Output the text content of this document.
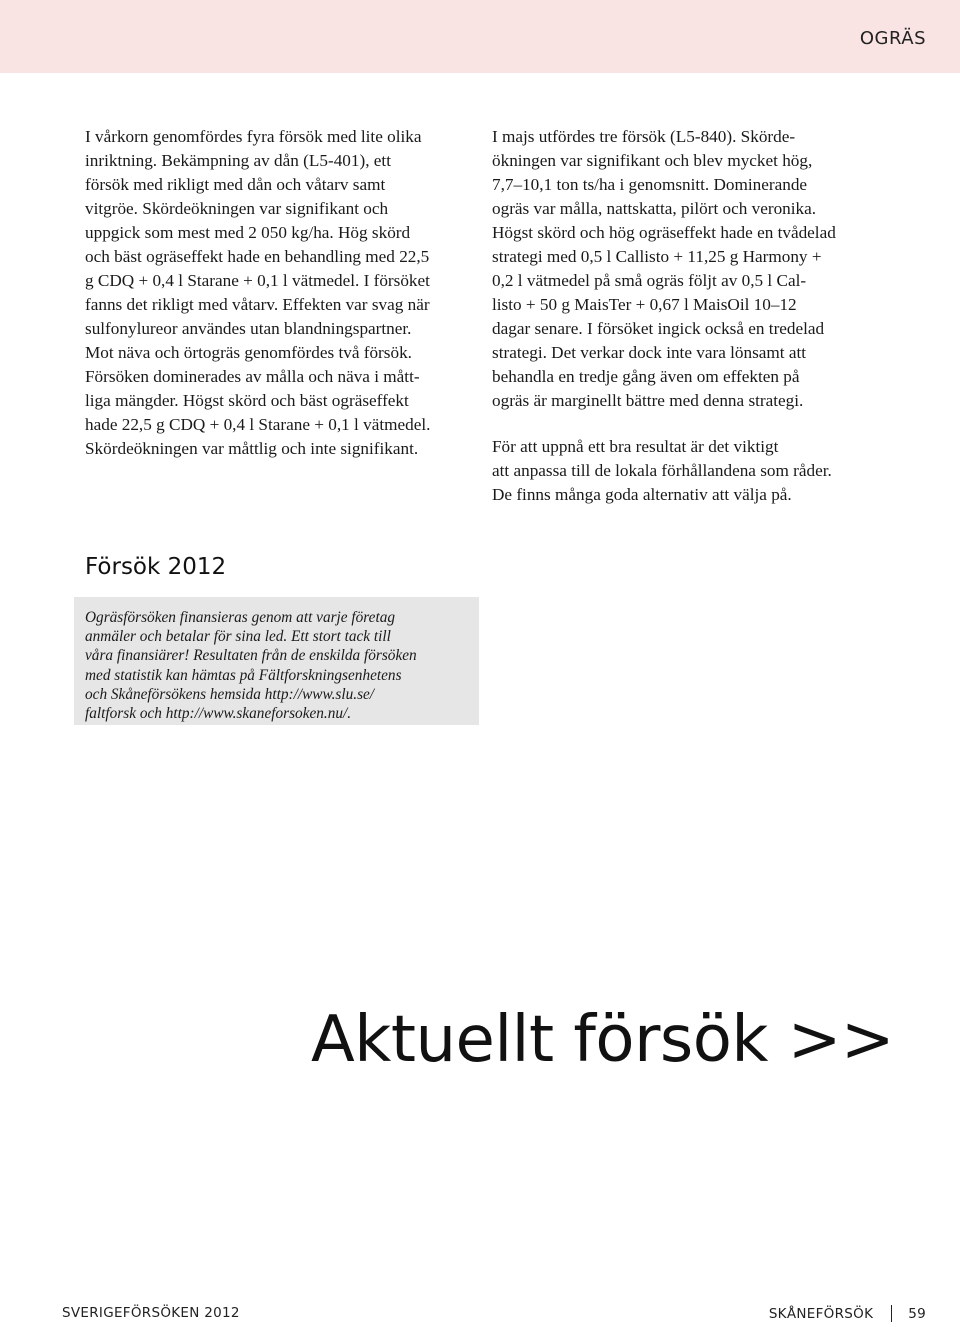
OGRÄS
I vårkorn genomfördes fyra försök med lite olika
inriktning. Bekämpning av dån (L5-401), ett
försök med rikligt med dån och våtarv samt
vitgröe. Skördeökningen var signifikant och
uppgick som mest med 2 050 kg/ha. Hög skörd
och bäst ogräseffekt hade en behandling med 22,5
g CDQ + 0,4 l Starane + 0,1 l vätmedel. I försöket
fanns det rikligt med våtarv. Effekten var svag när
sulfonylureor användes utan blandningspartner.
Mot näva och örtogräs genomfördes två försök.
Försöken dominerades av målla och näva i mått-
liga mängder. Högst skörd och bäst ogräseffekt
hade 22,5 g CDQ + 0,4 l Starane + 0,1 l vätmedel.
Skördeökningen var måttlig och inte signifikant.
I majs utfördes tre försök (L5-840). Skörde-
ökningen var signifikant och blev mycket hög,
7,7–10,1 ton ts/ha i genomsnitt. Dominerande
ogräs var målla, nattskatta, pilört och veronika.
Högst skörd och hög ogräseffekt hade en tvådelad
strategi med 0,5 l Callisto + 11,25 g Harmony +
0,2 l vätmedel på små ogräs följt av 0,5 l Cal-
listo + 50 g MaisTer + 0,67 l MaisOil 10–12
dagar senare. I försöket ingick också en tredelad
strategi. Det verkar dock inte vara lönsamt att
behandla en tredje gång även om effekten på
ogräs är marginellt bättre med denna strategi.
För att uppnå ett bra resultat är det viktigt
att anpassa till de lokala förhållandena som råder.
De finns många goda alternativ att välja på.
Försök 2012
Ogräsförsöken finansieras genom att varje företag
anmäler och betalar för sina led. Ett stort tack till
våra finansiärer! Resultaten från de enskilda försöken
med statistik kan hämtas på Fältforskningsenhetens
och Skåneförsökens hemsida http://www.slu.se/
faltforsk och http://www.skaneforsoken.nu/.
Aktuellt försök >>
SVERIGEFÖRSÖKEN 2012	SKÅNEFÖRSÖK	59
